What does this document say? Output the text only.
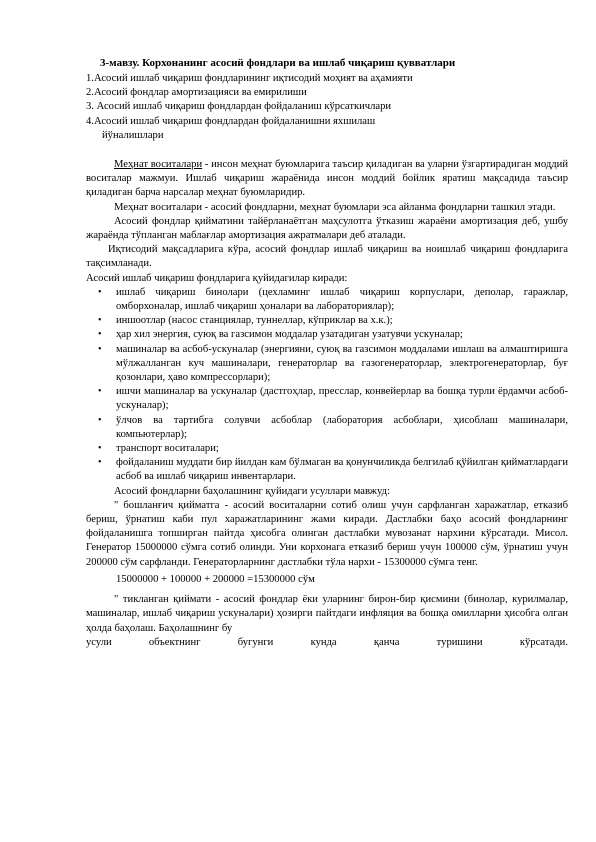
3-мавзу. Корхонанинг асосий фондлари ва ишлаб чиқариш қувватлари

1.Асосий ишлаб чиқариш фондларининг иқтисодий моҳият ва аҳамияти

2.Асосий фондлар амортизацияси ва емирилиши

3. Асосий ишлаб чиқариш фондлардан фойдаланиш кўрсаткичлари

4.Асосий ишлаб чиқариш фондлардан фойдаланишни яхшилаш

йўналишлари

Меҳнат воситалари - инсон меҳнат буюмларига таъсир қиладиган ва уларни ўзгартирадиган моддий воситалар мажмуи. Ишлаб чиқариш жараёнида инсон моддий бойлик яратиш мақсадида таъсир қиладиган барча нарсалар меҳнат буюмларидир.

Меҳнат воситалари - асосий фондларни, меҳнат буюмлари эса айланма фондларни ташкил этади.

Асосий фондлар қийматини тайёрланаётган маҳсулотга ўтказиш жараёни амортизация деб, ушбу жараёнда тўпланган маблағлар амортизация ажратмалари деб аталади.

Иқтисодий мақсадларига кўра, асосий фондлар ишлаб чиқариш ва ноишлаб чиқариш фондларига тақсимланади.

Асосий ишлаб чиқариш фондларига қуйидагилар киради:

• ишлаб чиқариш бинолари (цехламинг ишлаб чиқариш корпуслари, деполар, гаражлар, омборхоналар, ишлаб чиқариш ҳоналари ва лабораториялар);
• иншоотлар (насос станциялар, туннеллар, кўприклар ва х.к.);
• ҳар хил энергия, суюқ ва газсимон моддалар узатадиган узатувчи ускуналар;
• машиналар ва асбоб-ускуналар (энергияни, суюқ ва газсимон моддалами ишлаш ва алмаштиришга мўлжалланган куч машиналари, генераторлар ва газогенераторлар, электрогенераторлар, буғ қозонлари, ҳаво компрессорлари);
• ишчи машиналар ва ускуналар (дастгоҳлар, пресслар, конвейерлар ва бошқа турли ёрдамчи асбоб-ускуналар);
• ўлчов ва тартибга солувчи асбоблар (лаборатория асбоблари, ҳисоблаш машиналари, компьютерлар);
• транспорт воситалари;
• фойдаланиш муддати бир йилдан кам бўлмаган ва қонунчиликда белгилаб қўйилган қийматлардаги асбоб ва ишлаб чиқариш инвентарлари.

Асосий фондларни баҳолашнинг қуйидаги усуллари мавжуд:

" бошланғич қийматга - асосий воситаларни сотиб олиш учун сарфланган харажатлар, етказиб бериш, ўрнатиш каби пул харажатларининг жами киради. Дастлабки баҳо асосий фондларнинг фойдаланишга топширган пайтда ҳисобга олинган дастлабки мувозанат нархини кўрсатади. Мисол. Генератор 15000000 сўмга сотиб олинди. Уни корхонага етказиб бериш учун 100000 сўм, ўрнатиш учун 200000 сўм сарфланди. Генераторларнинг дастлабки тўла нархи - 15300000 сўмга тенг.

15000000 + 100000 + 200000 =15300000 сўм

" тикланган қиймати - асосий фондлар ёки уларнинг бирон-бир қисмини (бинолар, курилмалар, машиналар, ишлаб чиқариш ускуналари) ҳозирги пайтдаги инфляция ва бошқа омилларни ҳисобга олган ҳолда баҳолаш. Баҳолашнинг бу

усули объектнинг бугунги кунда қанча туришини кўрсатади.
